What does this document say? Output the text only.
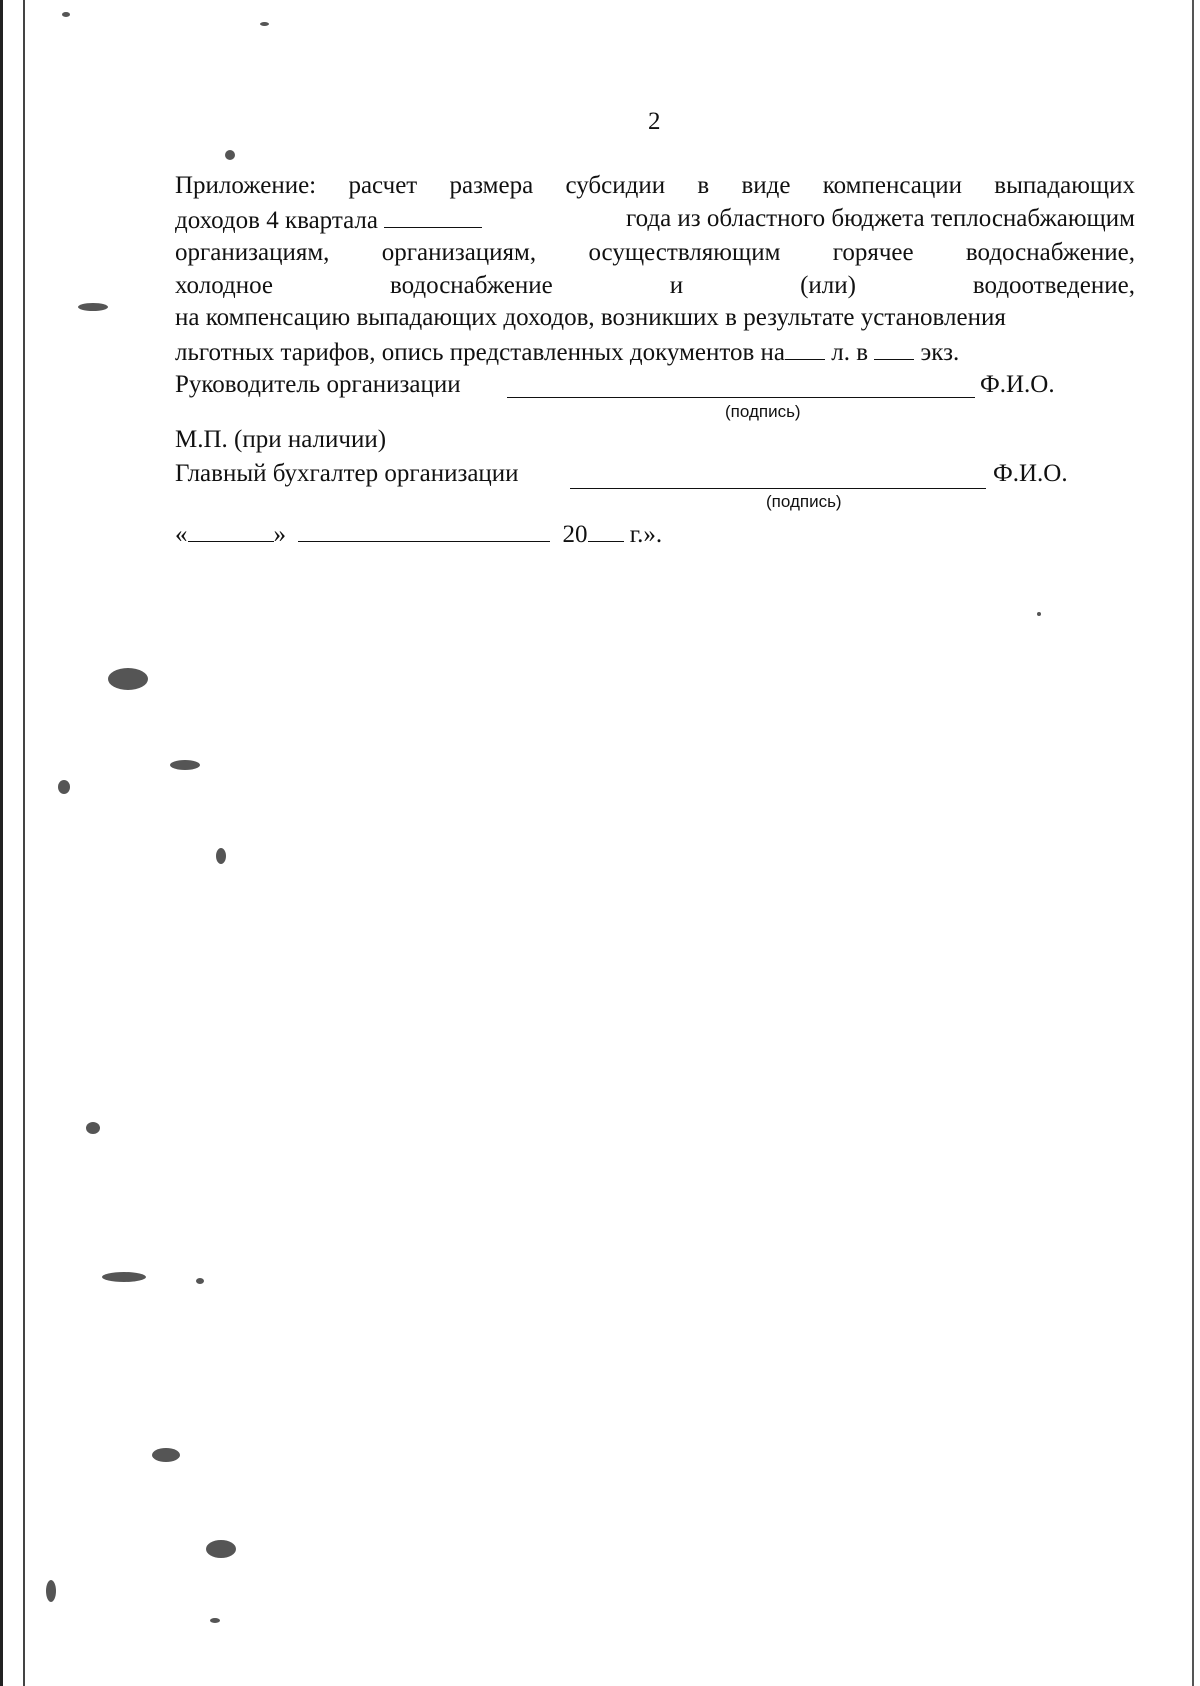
2
Приложение: расчет размера субсидии в виде компенсации выпадающих
доходов 4 квартала	года из областного бюджета теплоснабжающим
организациям, организациям, осуществляющим горячее водоснабжение,
холодное	водоснабжение	и	(или)	водоотведение,
на компенсацию выпадающих доходов, возникших в результате установления
льготных тарифов, опись представленных документов на л. в  экз.
Руководитель организации	Ф.И.О.
(подпись)
М.П. (при наличии)
Главный бухгалтер организации	Ф.И.О.
(подпись)
«	»	20 г.».
